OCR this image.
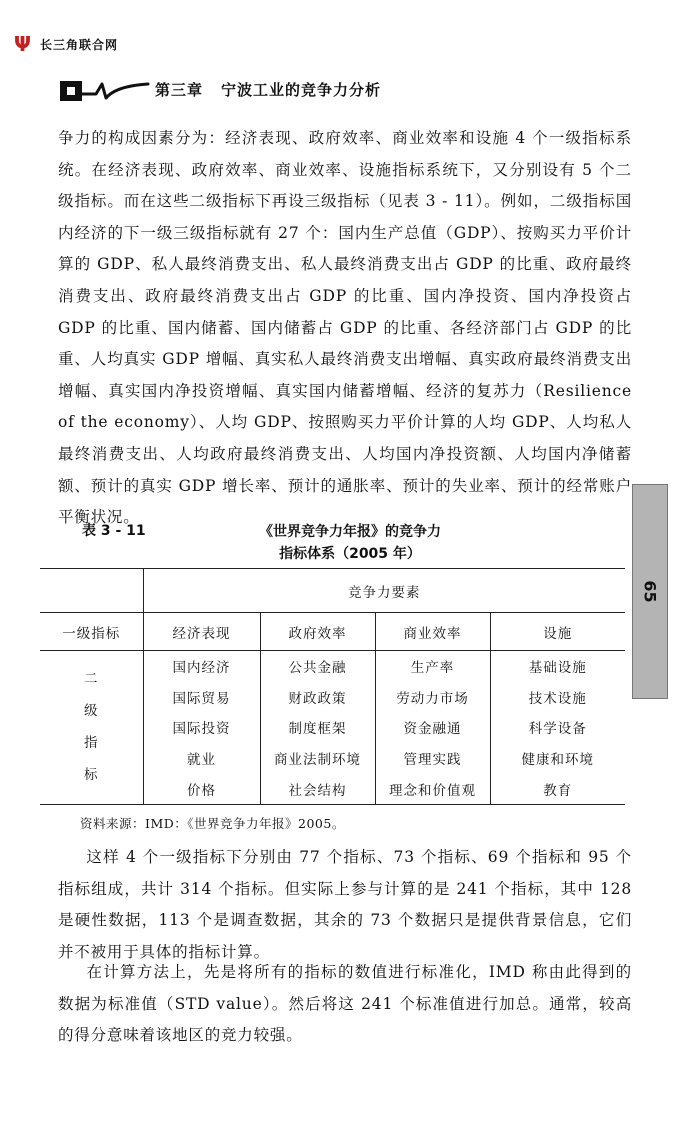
Ψ 长三角联合网
第三章 宁波工业的竞争力分析

争力的构成因素分为：经济表现、政府效率、商业效率和设施 4 个一级指标系统。在经济表现、政府效率、商业效率、设施指标系统下，又分别设有 5 个二级指标。而在这些二级指标下再设三级指标（见表 3 - 11）。例如，二级指标国内经济的下一级三级指标就有 27 个：国内生产总值（GDP）、按购买力平价计算的 GDP、私人最终消费支出、私人最终消费支出占 GDP 的比重、政府最终消费支出、政府最终消费支出占 GDP 的比重、国内净投资、国内净投资占 GDP 的比重、国内储蓄、国内储蓄占 GDP 的比重、各经济部门占 GDP 的比重、人均真实 GDP 增幅、真实私人最终消费支出增幅、真实政府最终消费支出增幅、真实国内净投资增幅、真实国内储蓄增幅、经济的复苏力（Resilience of the economy）、人均 GDP、按照购买力平价计算的人均 GDP、人均私人最终消费支出、人均政府最终消费支出、人均国内净投资额、人均国内净储蓄额、预计的真实 GDP 增长率、预计的通胀率、预计的失业率、预计的经常账户平衡状况。

表 3 - 11	《世界竞争力年报》的竞争力
指标体系（2005 年）
	竞争力要素			
一级指标	经济表现	政府效率	商业效率	设施

二
级
指
标	国内经济	公共金融	生产率	基础设施
	国际贸易	财政政策	劳动力市场	技术设施
	国际投资	制度框架	资金融通	科学设备
	就业	商业法制环境	管理实践	健康和环境
	价格	社会结构	理念和价值观	教育
资料来源：IMD：《世界竞争力年报》2005。

这样 4 个一级指标下分别由 77 个指标、73 个指标、69 个指标和 95 个指标组成，共计 314 个指标。但实际上参与计算的是 241 个指标，其中 128 是硬性数据，113 个是调查数据，其余的 73 个数据只是提供背景信息，它们并不被用于具体的指标计算。

在计算方法上，先是将所有的指标的数值进行标准化，IMD 称由此得到的数据为标准值（STD value）。然后将这 241 个标准值进行加总。通常，较高的得分意味着该地区的竞力较强。

65
